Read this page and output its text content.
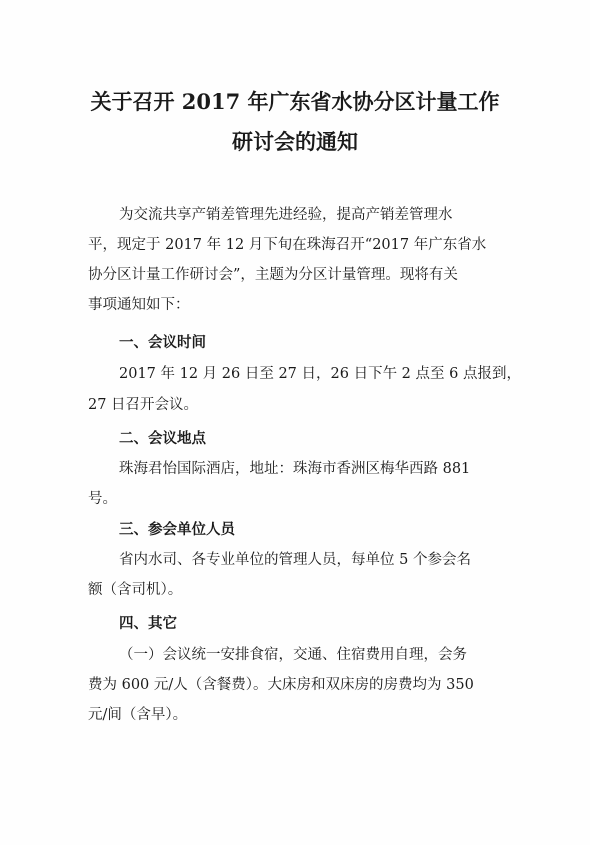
关于召开 2017 年广东省水协分区计量工作
研讨会的通知
为交流共享产销差管理先进经验，提高产销差管理水
平，现定于 2017 年 12 月下旬在珠海召开“2017 年广东省水
协分区计量工作研讨会”，主题为分区计量管理。现将有关
事项通知如下：
一、会议时间
2017 年 12 月 26 日至 27 日，26 日下午 2 点至 6 点报到，
27 日召开会议。
二、会议地点
珠海君怡国际酒店，地址：珠海市香洲区梅华西路 881
号。
三、参会单位人员
省内水司、各专业单位的管理人员，每单位 5 个参会名
额（含司机）。
四、其它
（一）会议统一安排食宿，交通、住宿费用自理，会务
费为 600 元/人（含餐费）。大床房和双床房的房费均为 350
元/间（含早）。
